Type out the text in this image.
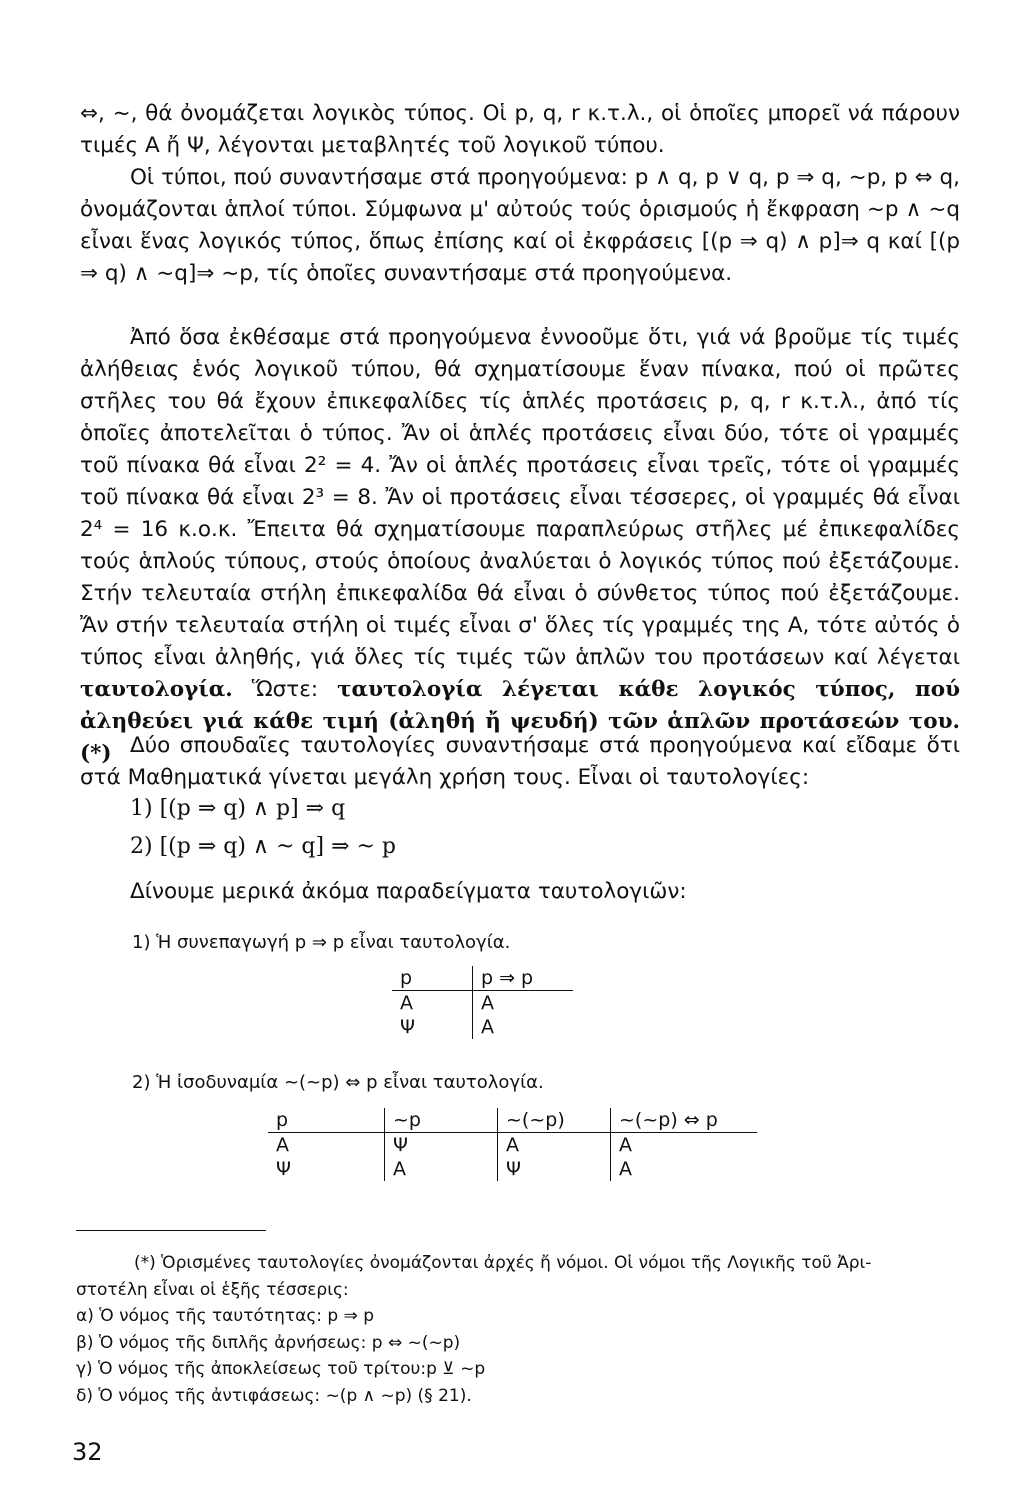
⇔, ~, θά ὀνομάζεται λογικὸς τύπος. Οἱ p, q, r κ.τ.λ., οἱ ὁποῖες μπορεῖ νά πάρουν τιμές Α ἤ Ψ, λέγονται μεταβλητές τοῦ λογικοῦ τύπου.

Οἱ τύποι, πού συναντήσαμε στά προηγούμενα: p ∧ q, p ∨ q, p ⇒ q, ~p, p ⇔ q, ὀνομάζονται ἁπλοί τύποι. Σύμφωνα μ' αὐτούς τούς ὁρισμούς ἡ ἔκφραση ~p ∧ ~q εἶναι ἕνας λογικός τύπος, ὅπως ἐπίσης καί οἱ ἐκφράσεις [(p ⇒ q) ∧ p]⇒ q καί [(p ⇒ q) ∧ ~q]⇒ ~p, τίς ὁποῖες συναντήσαμε στά προηγούμενα.

Ἀπό ὅσα ἐκθέσαμε στά προηγούμενα ἐννοοῦμε ὅτι, γιά νά βροῦμε τίς τιμές ἀλήθειας ἑνός λογικοῦ τύπου, θά σχηματίσουμε ἕναν πίνακα, πού οἱ πρῶτες στῆλες του θά ἔχουν ἐπικεφαλίδες τίς ἁπλές προτάσεις p, q, r κ.τ.λ., ἀπό τίς ὁποῖες ἀποτελεῖται ὁ τύπος. Ἄν οἱ ἁπλές προτάσεις εἶναι δύο, τότε οἱ γραμμές τοῦ πίνακα θά εἶναι 2² = 4. Ἄν οἱ ἁπλές προτάσεις εἶναι τρεῖς, τότε οἱ γραμμές τοῦ πίνακα θά εἶναι 2³ = 8. Ἄν οἱ προτάσεις εἶναι τέσσερες, οἱ γραμμές θά εἶναι 2⁴ = 16 κ.ο.κ. Ἔπειτα θά σχηματίσουμε παραπλεύρως στῆλες μέ ἐπικεφαλίδες τούς ἁπλούς τύπους, στούς ὁποίους ἀναλύεται ὁ λογικός τύπος πού ἐξετάζουμε. Στήν τελευταία στήλη ἐπικεφαλίδα θά εἶναι ὁ σύνθετος τύπος πού ἐξετάζουμε. Ἄν στήν τελευταία στήλη οἱ τιμές εἶναι σ' ὅλες τίς γραμμές της Α, τότε αὐτός ὁ τύπος εἶναι ἀληθής, γιά ὅλες τίς τιμές τῶν ἁπλῶν του προτάσεων καί λέγεται ταυτολογία. Ὥστε: ταυτολογία λέγεται κάθε λογικός τύπος, πού ἀληθεύει γιά κάθε τιμή (ἀληθή ἤ ψευδή) τῶν ἁπλῶν προτάσεών του.(*) Δύο σπουδαῖες ταυτολογίες συναντήσαμε στά προηγούμενα καί εἴδαμε ὅτι στά Μαθηματικά γίνεται μεγάλη χρήση τους. Εἶναι οἱ ταυτολογίες:

1) [(p ⇒ q) ∧ p] ⇒ q
2) [(p ⇒ q) ∧ ~ q] ⇒ ~ p

Δίνουμε μερικά ἀκόμα παραδείγματα ταυτολογιῶν:

1) Ἡ συνεπαγωγή p ⇒ p εἶναι ταυτολογία.
p	p ⇒ p
Α	Α
Ψ	Α
2) Ἡ ἰσοδυναμία ~(~p) ⇔ p εἶναι ταυτολογία.
p	~p	~(~p)	~(~p) ⇔ p
Α	Ψ	Α	Α
Ψ	Α	Ψ	Α
(*) Ὁρισμένες ταυτολογίες ὀνομάζονται ἀρχές ἤ νόμοι. Οἱ νόμοι τῆς Λογικῆς τοῦ Ἀρι-
στοτέλη εἶναι οἱ ἑξῆς τέσσερις:
α) Ὁ νόμος τῆς ταυτότητας: p ⇒ p
β) Ὁ νόμος τῆς διπλῆς ἀρνήσεως: p ⇔ ~(~p)
γ) Ὁ νόμος τῆς ἀποκλείσεως τοῦ τρίτου:p ⊻ ~p
δ) Ὁ νόμος τῆς ἀντιφάσεως: ~(p ∧ ~p) (§ 21).
32
